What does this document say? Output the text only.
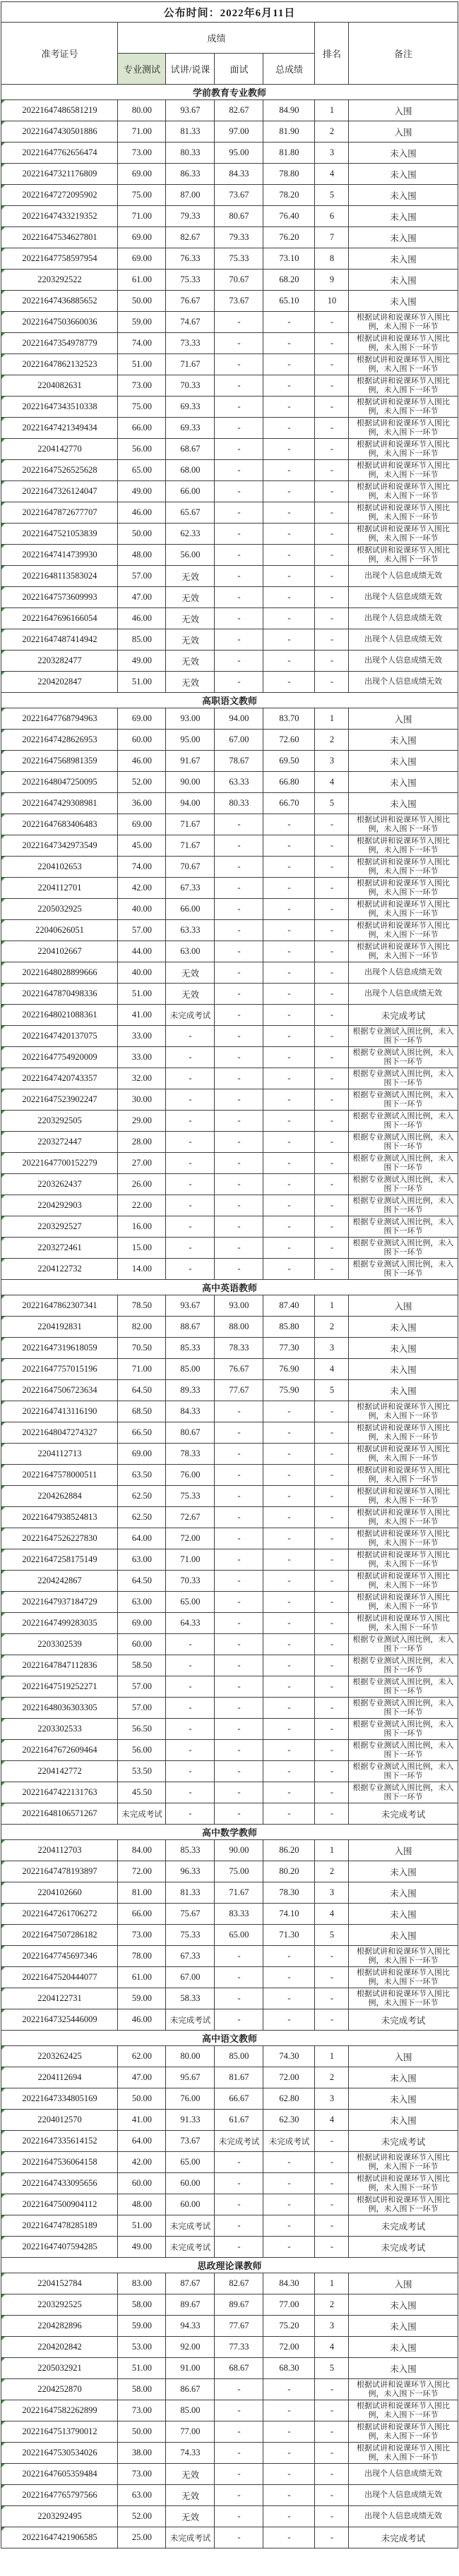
公布时间：2022年6月11日						
准考证号	成绩				排名	备注
	专业测试	试讲/说课	面试	总成绩		
学前教育专业教师						
20221647486581219	80.00	93.67	82.67	84.90	1	入围
20221647430501886	71.00	81.33	97.00	81.90	2	入围
20221647762656474	73.00	80.33	95.00	81.80	3	未入围
20221647321176809	69.00	86.33	84.33	78.80	4	未入围
20221647272095902	75.00	87.00	73.67	78.20	5	未入围
20221647433219352	71.00	79.33	80.67	76.40	6	未入围
20221647534627801	69.00	82.67	79.33	76.20	7	未入围
20221647758597954	69.00	76.33	75.33	73.10	8	未入围
2203292522	61.00	75.33	70.67	68.20	9	未入围
20221647436885652	50.00	76.67	73.67	65.10	10	未入围
20221647503660036	59.00	74.67	-	-	-	根据试讲和说课环节入围比例，未入围下一环节
20221647354978779	74.00	73.33	-	-	-	根据试讲和说课环节入围比例，未入围下一环节
20221647862132523	51.00	71.67	-	-	-	根据试讲和说课环节入围比例，未入围下一环节
2204082631	73.00	70.33	-	-	-	根据试讲和说课环节入围比例，未入围下一环节
20221647343510338	75.00	69.33	-	-	-	根据试讲和说课环节入围比例，未入围下一环节
20221647421349434	66.00	69.33	-	-	-	根据试讲和说课环节入围比例，未入围下一环节
2204142770	56.00	68.67	-	-	-	根据试讲和说课环节入围比例，未入围下一环节
20221647526525628	65.00	68.00	-	-	-	根据试讲和说课环节入围比例，未入围下一环节
20221647326124047	49.00	66.00	-	-	-	根据试讲和说课环节入围比例，未入围下一环节
20221647872677707	46.00	65.67	-	-	-	根据试讲和说课环节入围比例，未入围下一环节
20221647521053839	50.00	62.33	-	-	-	根据试讲和说课环节入围比例，未入围下一环节
20221647414739930	48.00	56.00	-	-	-	根据试讲和说课环节入围比例，未入围下一环节
20221648113583024	57.00	无效	-	-	-	出现个人信息成绩无效
20221647573609993	47.00	无效	-	-	-	出现个人信息成绩无效
20221647696166054	46.00	无效	-	-	-	出现个人信息成绩无效
20221647487414942	85.00	无效	-	-	-	出现个人信息成绩无效
2203282477	49.00	无效	-	-	-	出现个人信息成绩无效
2204202847	51.00	无效	-	-	-	出现个人信息成绩无效
高职语文教师						
20221647768794963	69.00	93.00	94.00	83.70	1	入围
20221647428626953	60.00	95.00	67.00	72.60	2	未入围
20221647568981359	46.00	91.67	78.67	69.50	3	未入围
20221648047250095	52.00	90.00	63.33	66.80	4	未入围
20221647429308981	36.00	94.00	80.33	66.70	5	未入围
20221647683406483	69.00	71.67	-	-	-	根据试讲和说课环节入围比例，未入围下一环节
20221647342973549	45.00	71.67	-	-	-	根据试讲和说课环节入围比例，未入围下一环节
2204102653	74.00	70.67	-	-	-	根据试讲和说课环节入围比例，未入围下一环节
2204112701	42.00	67.33	-	-	-	根据试讲和说课环节入围比例，未入围下一环节
2205032925	40.00	66.00	-	-	-	根据试讲和说课环节入围比例，未入围下一环节
22040626051	57.00	63.33	-	-	-	根据试讲和说课环节入围比例，未入围下一环节
2204102667	44.00	63.00	-	-	-	根据试讲和说课环节入围比例，未入围下一环节
20221648028899666	40.00	无效	-	-	-	出现个人信息成绩无效
20221647870498336	51.00	无效	-	-	-	出现个人信息成绩无效
20221648021088361	41.00	未完成考试	-	-	-	未完成考试
20221647420137075	33.00	-	-	-	-	根据专业测试入围比例，未入围下一环节
20221647754920009	33.00	-	-	-	-	根据专业测试入围比例，未入围下一环节
20221647420743357	32.00	-	-	-	-	根据专业测试入围比例，未入围下一环节
20221647523902247	30.00	-	-	-	-	根据专业测试入围比例，未入围下一环节
2203292505	29.00	-	-	-	-	根据专业测试入围比例，未入围下一环节
2203272447	28.00	-	-	-	-	根据专业测试入围比例，未入围下一环节
20221647700152279	27.00	-	-	-	-	根据专业测试入围比例，未入围下一环节
2203262437	26.00	-	-	-	-	根据专业测试入围比例，未入围下一环节
2204292903	22.00	-	-	-	-	根据专业测试入围比例，未入围下一环节
2203292527	16.00	-	-	-	-	根据专业测试入围比例，未入围下一环节
2203272461	15.00	-	-	-	-	根据专业测试入围比例，未入围下一环节
2204122732	14.00	-	-	-	-	根据专业测试入围比例，未入围下一环节
高中英语教师						
20221647862307341	78.50	93.67	93.00	87.40	1	入围
2204192831	82.00	88.67	88.00	85.80	2	未入围
20221647319618059	70.50	85.33	78.33	77.30	3	未入围
20221647757015196	71.00	85.00	76.67	76.90	4	未入围
20221647506723634	64.50	89.33	77.67	75.90	5	未入围
20221647413116190	68.50	84.33	-	-	-	根据试讲和说课环节入围比例，未入围下一环节
20221648047274327	66.50	80.67	-	-	-	根据试讲和说课环节入围比例，未入围下一环节
2204112713	69.00	78.33	-	-	-	根据试讲和说课环节入围比例，未入围下一环节
20221647578000511	63.50	76.00	-	-	-	根据试讲和说课环节入围比例，未入围下一环节
2204262884	62.50	75.33	-	-	-	根据试讲和说课环节入围比例，未入围下一环节
20221647938524813	62.50	72.67	-	-	-	根据试讲和说课环节入围比例，未入围下一环节
20221647526227830	64.00	72.00	-	-	-	根据试讲和说课环节入围比例，未入围下一环节
20221647258175149	63.00	71.00	-	-	-	根据试讲和说课环节入围比例，未入围下一环节
2204242867	64.50	70.33	-	-	-	根据试讲和说课环节入围比例，未入围下一环节
20221647937184729	63.00	65.00	-	-	-	根据试讲和说课环节入围比例，未入围下一环节
20221647499283035	69.00	64.33	-	-	-	根据试讲和说课环节入围比例，未入围下一环节
2203302539	60.00	-	-	-	-	根据专业测试入围比例，未入围下一环节
20221647847112836	58.50	-	-	-	-	根据专业测试入围比例，未入围下一环节
20221647519252271	57.00	-	-	-	-	根据专业测试入围比例，未入围下一环节
20221648036303305	57.00	-	-	-	-	根据专业测试入围比例，未入围下一环节
2203302533	56.50	-	-	-	-	根据专业测试入围比例，未入围下一环节
20221647672609464	56.00	-	-	-	-	根据专业测试入围比例，未入围下一环节
2204142772	53.50	-	-	-	-	根据专业测试入围比例，未入围下一环节
20221647422131763	45.50	-	-	-	-	根据专业测试入围比例，未入围下一环节
20221648106571267	未完成考试	-	-	-	-	未完成考试
高中数学教师						
2204112703	84.00	85.33	90.00	86.20	1	入围
20221647478193897	72.00	96.33	75.00	80.20	2	未入围
2204102660	81.00	81.33	71.67	78.30	3	未入围
20221647261706272	66.00	75.67	83.33	74.10	4	未入围
20221647507286182	73.00	75.33	65.00	71.30	5	未入围
20221647745697346	78.00	67.33	-	-	-	根据试讲和说课环节入围比例，未入围下一环节
20221647520444077	61.00	67.00	-	-	-	根据试讲和说课环节入围比例，未入围下一环节
2204122731	59.00	58.33	-	-	-	根据试讲和说课环节入围比例，未入围下一环节
20221647325446009	46.00	未完成考试	-	-	-	未完成考试
高中语文教师						
2203262425	62.00	80.00	85.00	74.30	1	入围
2204112694	47.00	95.67	81.67	72.00	2	未入围
20221647334805169	50.00	76.00	66.67	62.80	3	未入围
2204012570	41.00	91.33	61.67	62.30	4	未入围
20221647335614152	64.00	73.67	未完成考试	未完成考试	-	未完成考试
20221647536064158	42.00	65.00	-	-	-	根据试讲和说课环节入围比例，未入围下一环节
20221647433095656	60.00	60.00	-	-	-	根据试讲和说课环节入围比例，未入围下一环节
20221647500904112	48.00	60.00	-	-	-	根据试讲和说课环节入围比例，未入围下一环节
20221647478285189	51.00	未完成考试	-	-	-	未完成考试
20221647407594285	49.00	未完成考试	-	-	-	未完成考试
思政理论课教师						
2204152784	83.00	87.67	82.67	84.30	1	入围
2203292525	58.00	89.67	89.67	77.00	2	未入围
2204282896	59.00	94.33	77.67	75.20	3	未入围
2204202842	53.00	92.00	77.33	72.00	4	未入围
2205032921	51.00	91.00	68.67	68.30	5	未入围
2204252870	58.00	86.67	-	-	-	根据试讲和说课环节入围比例，未入围下一环节
20221647582262899	73.00	85.00	-	-	-	根据试讲和说课环节入围比例，未入围下一环节
20221647513790012	50.00	77.00	-	-	-	根据试讲和说课环节入围比例，未入围下一环节
20221647530534026	38.00	74.33	-	-	-	根据试讲和说课环节入围比例，未入围下一环节
20221647605359484	73.00	无效	-	-	-	出现个人信息成绩无效
20221647765797566	63.00	无效	-	-	-	出现个人信息成绩无效
2203292495	52.00	无效	-	-	-	出现个人信息成绩无效
20221647421906585	25.00	未完成考试	-	-	-	未完成考试
